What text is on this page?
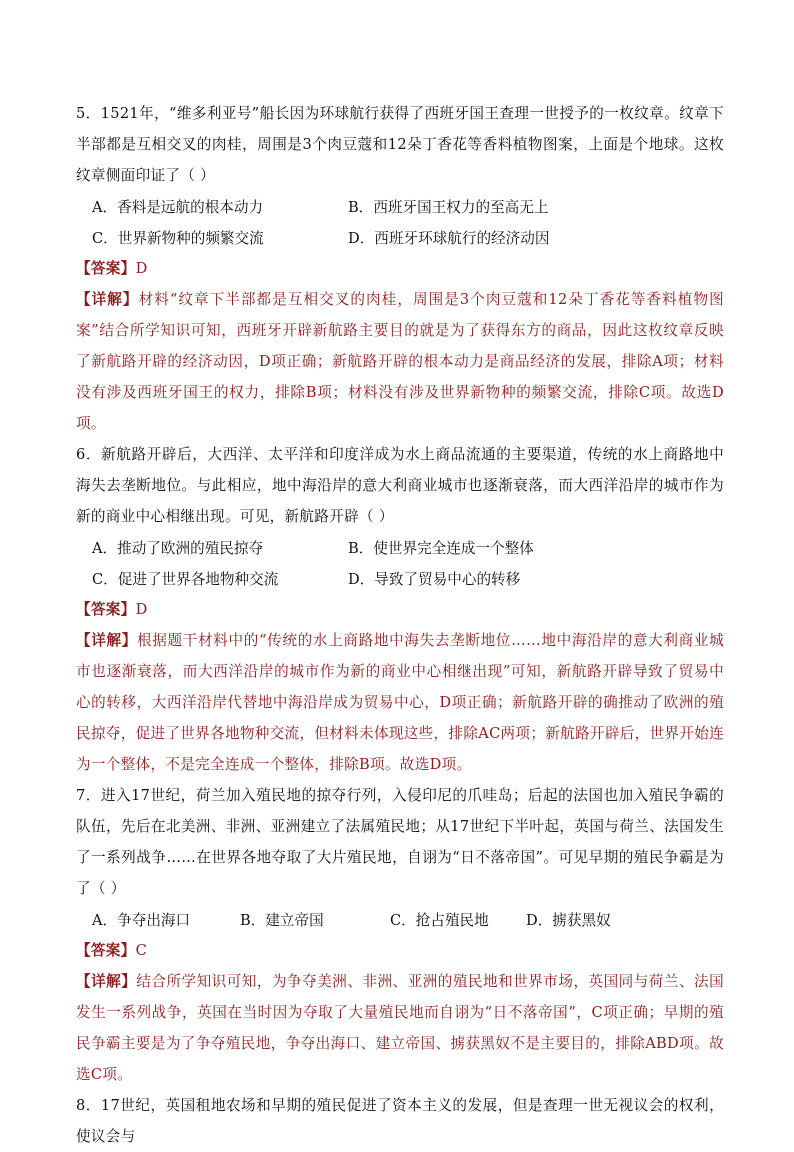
5．1521年，“维多利亚号”船长因为环球航行获得了西班牙国王查理一世授予的一枚纹章。纹章下半部都是互相交叉的肉桂，周围是3个肉豆蔻和12朵丁香花等香料植物图案，上面是个地球。这枚纹章侧面印证了（ ）

A．香料是远航的根本动力	B．西班牙国王权力的至高无上
C．世界新物种的频繁交流	D．西班牙环球航行的经济动因

【答案】D

【详解】材料“纹章下半部都是互相交叉的肉桂，周围是3个肉豆蔻和12朵丁香花等香料植物图案”结合所学知识可知，西班牙开辟新航路主要目的就是为了获得东方的商品，因此这枚纹章反映了新航路开辟的经济动因，D项正确；新航路开辟的根本动力是商品经济的发展，排除A项；材料没有涉及西班牙国王的权力，排除B项；材料没有涉及世界新物种的频繁交流，排除C项。故选D项。

6．新航路开辟后，大西洋、太平洋和印度洋成为水上商品流通的主要渠道，传统的水上商路地中海失去垄断地位。与此相应，地中海沿岸的意大利商业城市也逐渐衰落，而大西洋沿岸的城市作为新的商业中心相继出现。可见，新航路开辟（ ）

A．推动了欧洲的殖民掠夺	B．使世界完全连成一个整体
C．促进了世界各地物种交流	D．导致了贸易中心的转移

【答案】D

【详解】根据题干材料中的“传统的水上商路地中海失去垄断地位……地中海沿岸的意大利商业城市也逐渐衰落，而大西洋沿岸的城市作为新的商业中心相继出现”可知，新航路开辟导致了贸易中心的转移，大西洋沿岸代替地中海沿岸成为贸易中心，D项正确；新航路开辟的确推动了欧洲的殖民掠夺，促进了世界各地物种交流，但材料未体现这些，排除AC两项；新航路开辟后，世界开始连为一个整体，不是完全连成一个整体，排除B项。故选D项。

7．进入17世纪，荷兰加入殖民地的掠夺行列，入侵印尼的爪哇岛；后起的法国也加入殖民争霸的队伍，先后在北美洲、非洲、亚洲建立了法属殖民地；从17世纪下半叶起，英国与荷兰、法国发生了一系列战争……在世界各地夺取了大片殖民地，自诩为“日不落帝国”。可见早期的殖民争霸是为了（ ）

A．争夺出海口	B．建立帝国	C．抢占殖民地	D．掳获黑奴

【答案】C

【详解】结合所学知识可知，为争夺美洲、非洲、亚洲的殖民地和世界市场，英国同与荷兰、法国发生一系列战争，英国在当时因为夺取了大量殖民地而自诩为“日不落帝国”，C项正确；早期的殖民争霸主要是为了争夺殖民地，争夺出海口、建立帝国、掳获黑奴不是主要目的，排除ABD项。故选C项。

8．17世纪，英国租地农场和早期的殖民促进了资本主义的发展，但是查理一世无视议会的权利，使议会与
